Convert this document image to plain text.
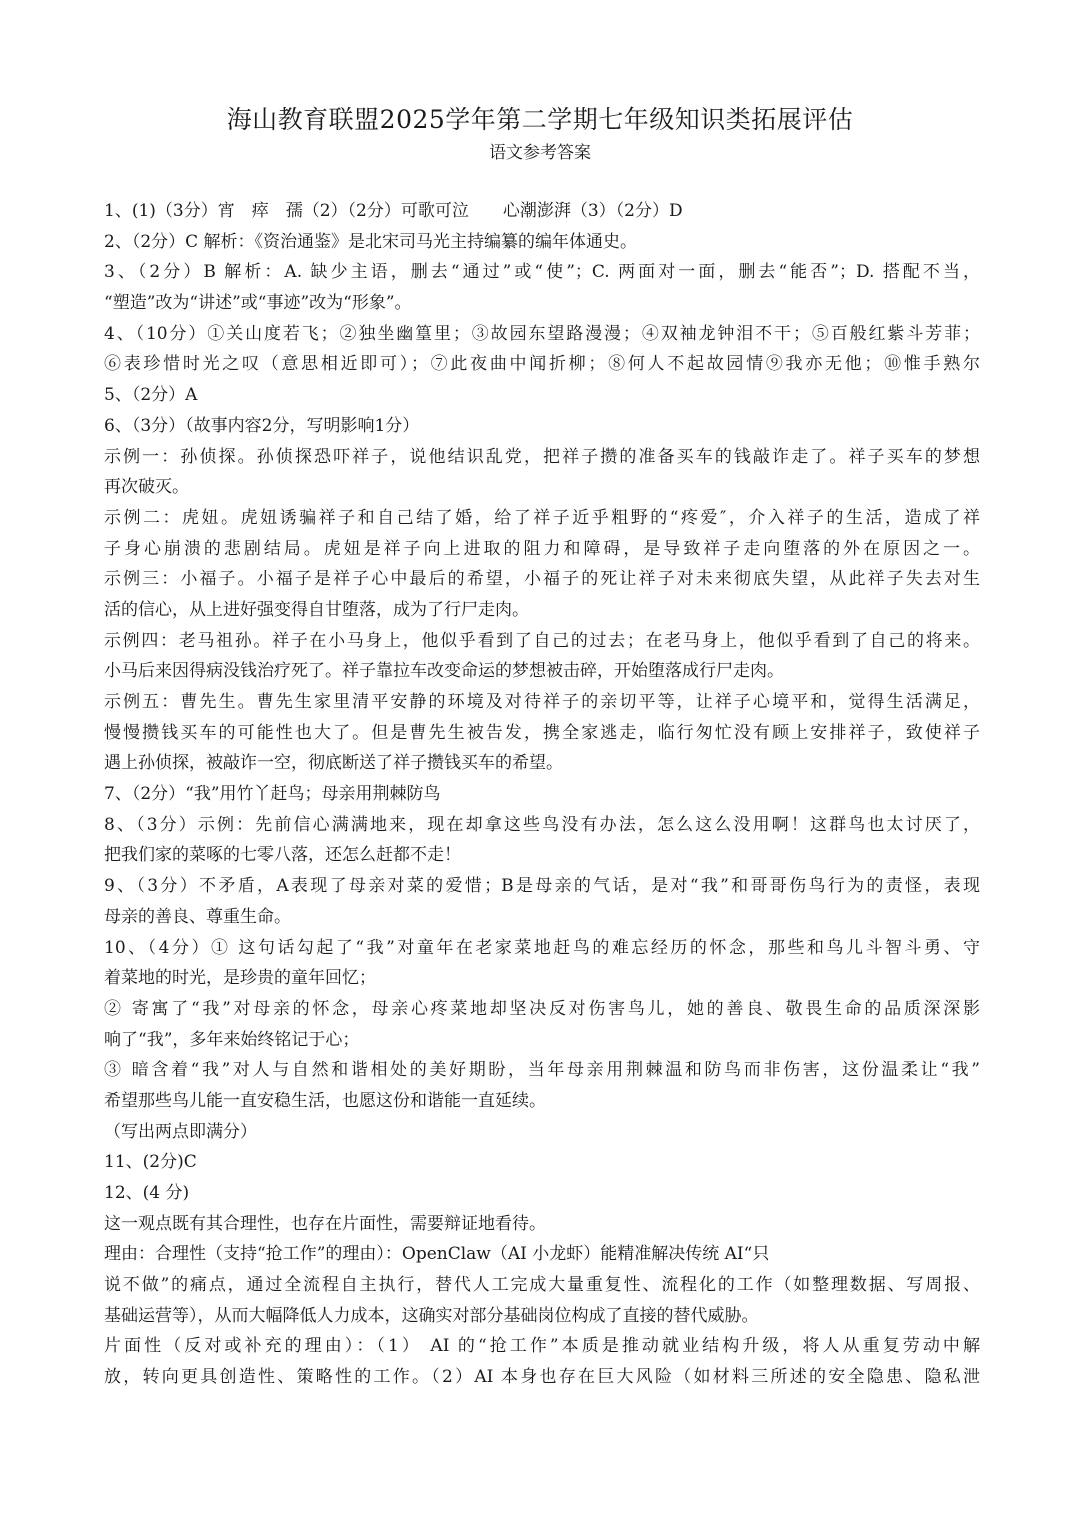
海山教育联盟2025学年第二学期七年级知识类拓展评估
语文参考答案
1、(1)（3分）宵　瘁　孺（2）（2分）可歌可泣　　心潮澎湃（3）（2分）D
2、（2分）C 解析：《资治通鉴》是北宋司马光主持编纂的编年体通史。
3、（2分）B 解析：A. 缺少主语，删去“通过”或“使”；C. 两面对一面，删去“能否”；D. 搭配不当，
“塑造”改为“讲述”或“事迹”改为“形象”。
4、（10分）①关山度若飞；②独坐幽篁里；③故园东望路漫漫；④双袖龙钟泪不干；⑤百般红紫斗芳菲；
⑥表珍惜时光之叹（意思相近即可）；⑦此夜曲中闻折柳；⑧何人不起故园情⑨我亦无他；⑩惟手熟尔
5、（2分）A
6、（3分）（故事内容2分，写明影响1分）
示例一：孙侦探。孙侦探恐吓祥子，说他结识乱党，把祥子攒的准备买车的钱敲诈走了。祥子买车的梦想
再次破灭。
示例二：虎妞。虎妞诱骗祥子和自己结了婚，给了祥子近乎粗野的“疼爱″，介入祥子的生活，造成了祥
子身心崩溃的悲剧结局。虎妞是祥子向上进取的阻力和障碍，是导致祥子走向堕落的外在原因之一。
示例三：小福子。小福子是祥子心中最后的希望，小福子的死让祥子对未来彻底失望，从此祥子失去对生
活的信心，从上进好强变得自甘堕落，成为了行尸走肉。
示例四：老马祖孙。祥子在小马身上，他似乎看到了自己的过去；在老马身上，他似乎看到了自己的将来。
小马后来因得病没钱治疗死了。祥子靠拉车改变命运的梦想被击碎，开始堕落成行尸走肉。
示例五：曹先生。曹先生家里清平安静的环境及对待祥子的亲切平等，让祥子心境平和，觉得生活满足，
慢慢攒钱买车的可能性也大了。但是曹先生被告发，携全家逃走，临行匆忙没有顾上安排祥子，致使祥子
遇上孙侦探，被敲诈一空，彻底断送了祥子攒钱买车的希望。
7、（2分）“我”用竹丫赶鸟；母亲用荆棘防鸟
8、（3分）示例：先前信心满满地来，现在却拿这些鸟没有办法，怎么这么没用啊！这群鸟也太讨厌了，
把我们家的菜啄的七零八落，还怎么赶都不走！
9、（3分）不矛盾，A表现了母亲对菜的爱惜；B是母亲的气话，是对“我”和哥哥伤鸟行为的责怪，表现
母亲的善良、尊重生命。
10、（4分）① 这句话勾起了“我”对童年在老家菜地赶鸟的难忘经历的怀念，那些和鸟儿斗智斗勇、守
着菜地的时光，是珍贵的童年回忆；
② 寄寓了“我”对母亲的怀念，母亲心疼菜地却坚决反对伤害鸟儿，她的善良、敬畏生命的品质深深影
响了“我”，多年来始终铭记于心；
③ 暗含着“我”对人与自然和谐相处的美好期盼，当年母亲用荆棘温和防鸟而非伤害，这份温柔让“我”
希望那些鸟儿能一直安稳生活，也愿这份和谐能一直延续。
（写出两点即满分）
11、(2分)C
12、(4 分)
这一观点既有其合理性，也存在片面性，需要辩证地看待。
理由：合理性（支持“抢工作”的理由）：OpenClaw（AI 小龙虾）能精准解决传统 AI“只
说不做”的痛点，通过全流程自主执行，替代人工完成大量重复性、流程化的工作（如整理数据、写周报、
基础运营等），从而大幅降低人力成本，这确实对部分基础岗位构成了直接的替代威胁。
片面性（反对或补充的理由）：（1） AI 的“抢工作”本质是推动就业结构升级，将人从重复劳动中解
放，转向更具创造性、策略性的工作。（2）AI 本身也存在巨大风险（如材料三所述的安全隐患、隐私泄
